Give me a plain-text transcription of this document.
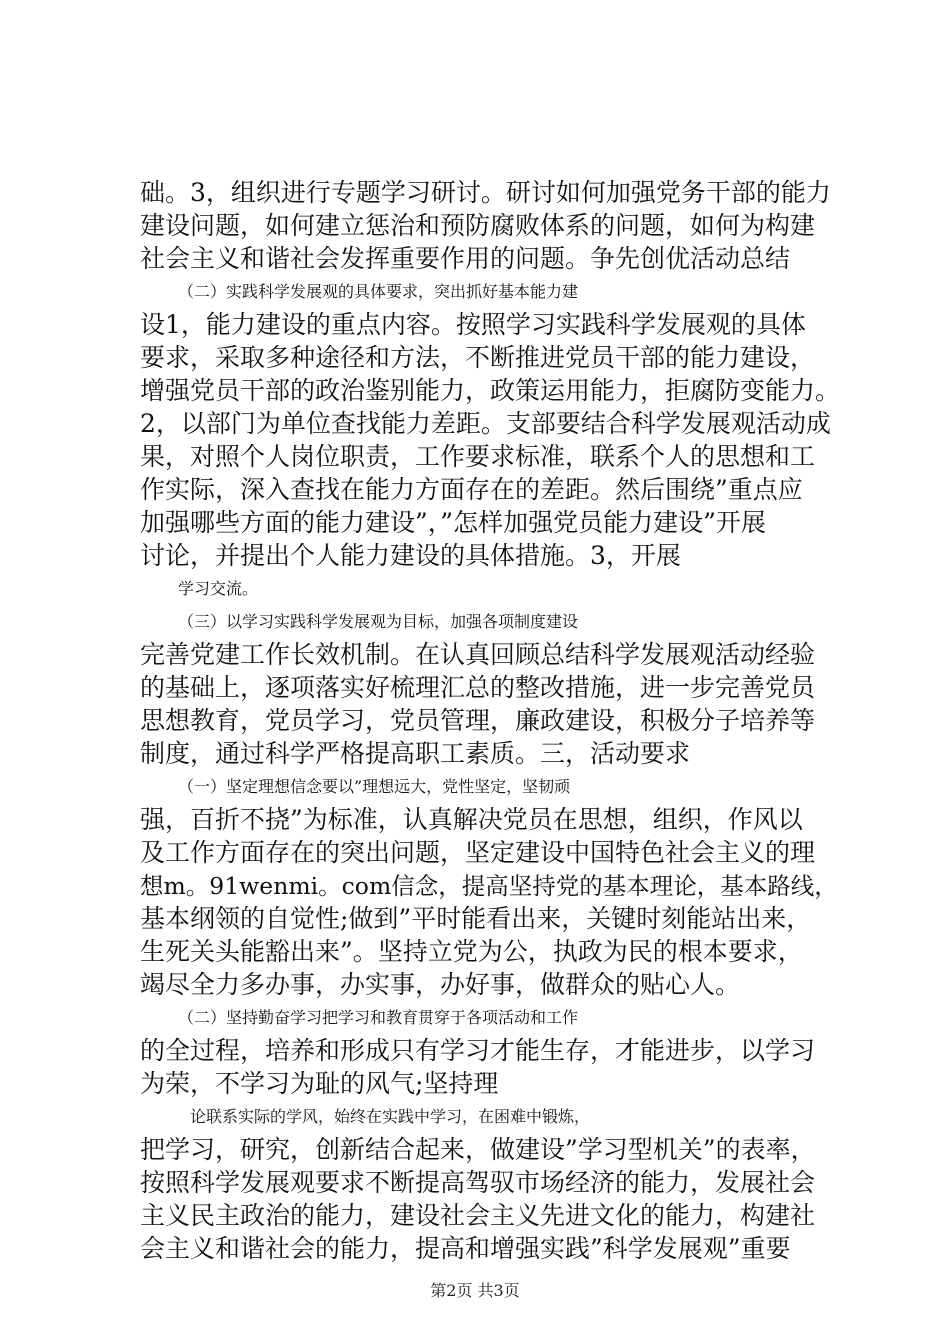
础。3，组织进行专题学习研讨。研讨如何加强党务干部的能力
建设问题，如何建立惩治和预防腐败体系的问题，如何为构建
社会主义和谐社会发挥重要作用的问题。争先创优活动总结
（二）实践科学发展观的具体要求，突出抓好基本能力建
设1，能力建设的重点内容。按照学习实践科学发展观的具体
要求，采取多种途径和方法，不断推进党员干部的能力建设，
增强党员干部的政治鉴别能力，政策运用能力，拒腐防变能力。
2，以部门为单位查找能力差距。支部要结合科学发展观活动成
果，对照个人岗位职责，工作要求标准，联系个人的思想和工
作实际，深入查找在能力方面存在的差距。然后围绕”重点应
加强哪些方面的能力建设”，”怎样加强党员能力建设”开展
讨论，并提出个人能力建设的具体措施。3，开展
学习交流。
（三）以学习实践科学发展观为目标，加强各项制度建设
完善党建工作长效机制。在认真回顾总结科学发展观活动经验
的基础上，逐项落实好梳理汇总的整改措施，进一步完善党员
思想教育，党员学习，党员管理，廉政建设，积极分子培养等
制度，通过科学严格提高职工素质。三，活动要求
（一）坚定理想信念要以”理想远大，党性坚定，坚韧顽
强，百折不挠”为标准，认真解决党员在思想，组织，作风以
及工作方面存在的突出问题，坚定建设中国特色社会主义的理
想m。91wenmi。com信念，提高坚持党的基本理论，基本路线，
基本纲领的自觉性;做到”平时能看出来，关键时刻能站出来，
生死关头能豁出来”。坚持立党为公，执政为民的根本要求，
竭尽全力多办事，办实事，办好事，做群众的贴心人。
（二）坚持勤奋学习把学习和教育贯穿于各项活动和工作
的全过程，培养和形成只有学习才能生存，才能进步，以学习
为荣，不学习为耻的风气;坚持理
论联系实际的学风，始终在实践中学习，在困难中锻炼，
把学习，研究，创新结合起来，做建设”学习型机关”的表率，
按照科学发展观要求不断提高驾驭市场经济的能力，发展社会
主义民主政治的能力，建设社会主义先进文化的能力，构建社
会主义和谐社会的能力，提高和增强实践”科学发展观”重要
第2页 共3页
